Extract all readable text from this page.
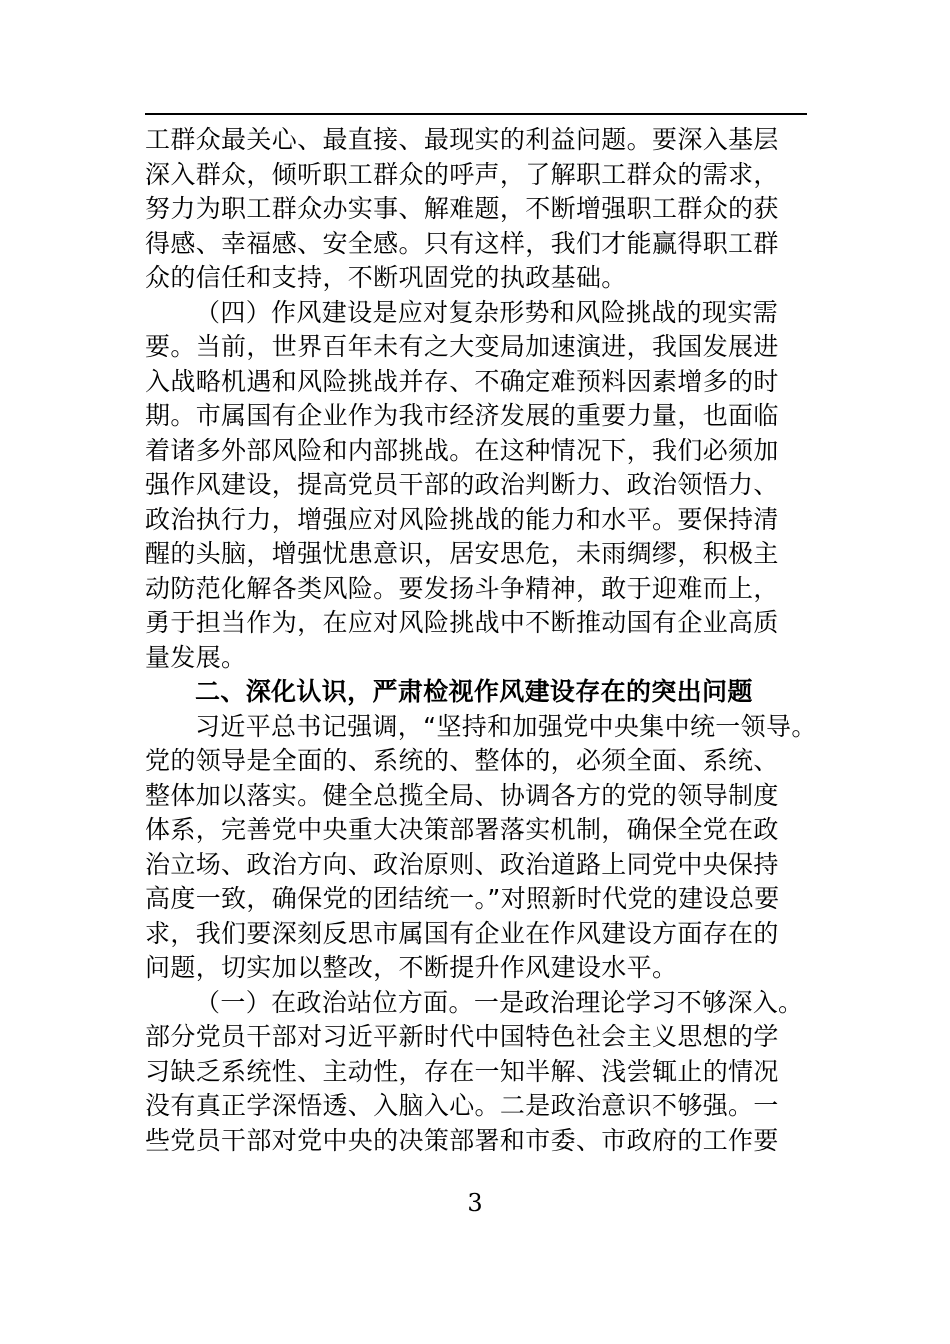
工群众最关心、最直接、最现实的利益问题。要深入基层
深入群众，倾听职工群众的呼声，了解职工群众的需求，
努力为职工群众办实事、解难题，不断增强职工群众的获
得感、幸福感、安全感。只有这样，我们才能赢得职工群
众的信任和支持，不断巩固党的执政基础。
（四）作风建设是应对复杂形势和风险挑战的现实需
要。当前，世界百年未有之大变局加速演进，我国发展进
入战略机遇和风险挑战并存、不确定难预料因素增多的时
期。市属国有企业作为我市经济发展的重要力量，也面临
着诸多外部风险和内部挑战。在这种情况下，我们必须加
强作风建设，提高党员干部的政治判断力、政治领悟力、
政治执行力，增强应对风险挑战的能力和水平。要保持清
醒的头脑，增强忧患意识，居安思危，未雨绸缪，积极主
动防范化解各类风险。要发扬斗争精神，敢于迎难而上，
勇于担当作为，在应对风险挑战中不断推动国有企业高质
量发展。
二、深化认识，严肃检视作风建设存在的突出问题
习近平总书记强调，“坚持和加强党中央集中统一领导。
党的领导是全面的、系统的、整体的，必须全面、系统、
整体加以落实。健全总揽全局、协调各方的党的领导制度
体系，完善党中央重大决策部署落实机制，确保全党在政
治立场、政治方向、政治原则、政治道路上同党中央保持
高度一致，确保党的团结统一。”对照新时代党的建设总要
求，我们要深刻反思市属国有企业在作风建设方面存在的
问题，切实加以整改，不断提升作风建设水平。
（一）在政治站位方面。一是政治理论学习不够深入。
部分党员干部对习近平新时代中国特色社会主义思想的学
习缺乏系统性、主动性，存在一知半解、浅尝辄止的情况
没有真正学深悟透、入脑入心。二是政治意识不够强。一
些党员干部对党中央的决策部署和市委、市政府的工作要
3
